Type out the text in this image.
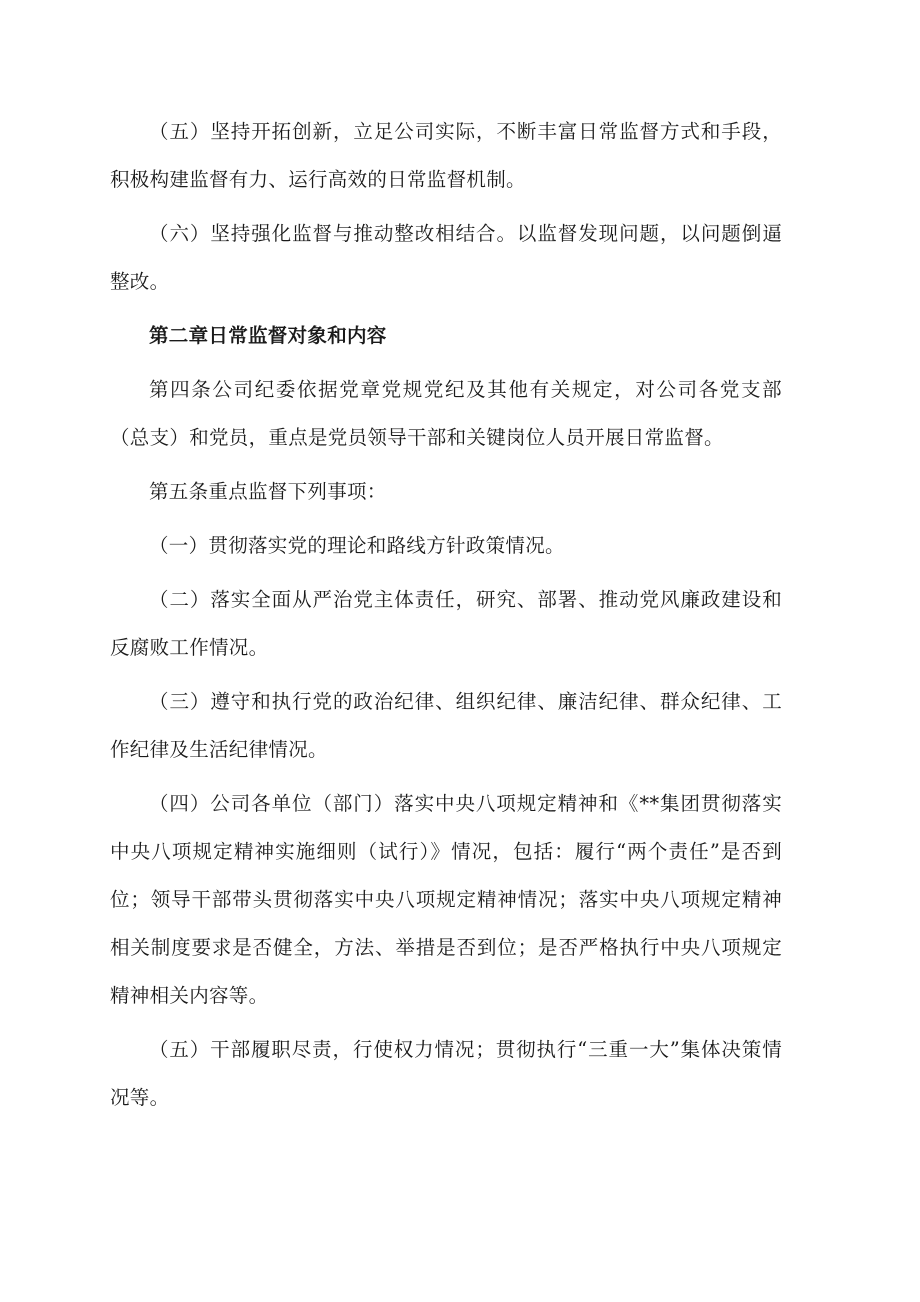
（五）坚持开拓创新，立足公司实际，不断丰富日常监督方式和手段，积极构建监督有力、运行高效的日常监督机制。

（六）坚持强化监督与推动整改相结合。以监督发现问题，以问题倒逼整改。

第二章日常监督对象和内容

第四条公司纪委依据党章党规党纪及其他有关规定，对公司各党支部（总支）和党员，重点是党员领导干部和关键岗位人员开展日常监督。

第五条重点监督下列事项：

（一）贯彻落实党的理论和路线方针政策情况。

（二）落实全面从严治党主体责任，研究、部署、推动党风廉政建设和反腐败工作情况。

（三）遵守和执行党的政治纪律、组织纪律、廉洁纪律、群众纪律、工作纪律及生活纪律情况。

（四）公司各单位（部门）落实中央八项规定精神和《**集团贯彻落实中央八项规定精神实施细则（试行）》情况，包括：履行“两个责任”是否到位；领导干部带头贯彻落实中央八项规定精神情况；落实中央八项规定精神相关制度要求是否健全，方法、举措是否到位；是否严格执行中央八项规定精神相关内容等。

（五）干部履职尽责，行使权力情况；贯彻执行“三重一大”集体决策情况等。
